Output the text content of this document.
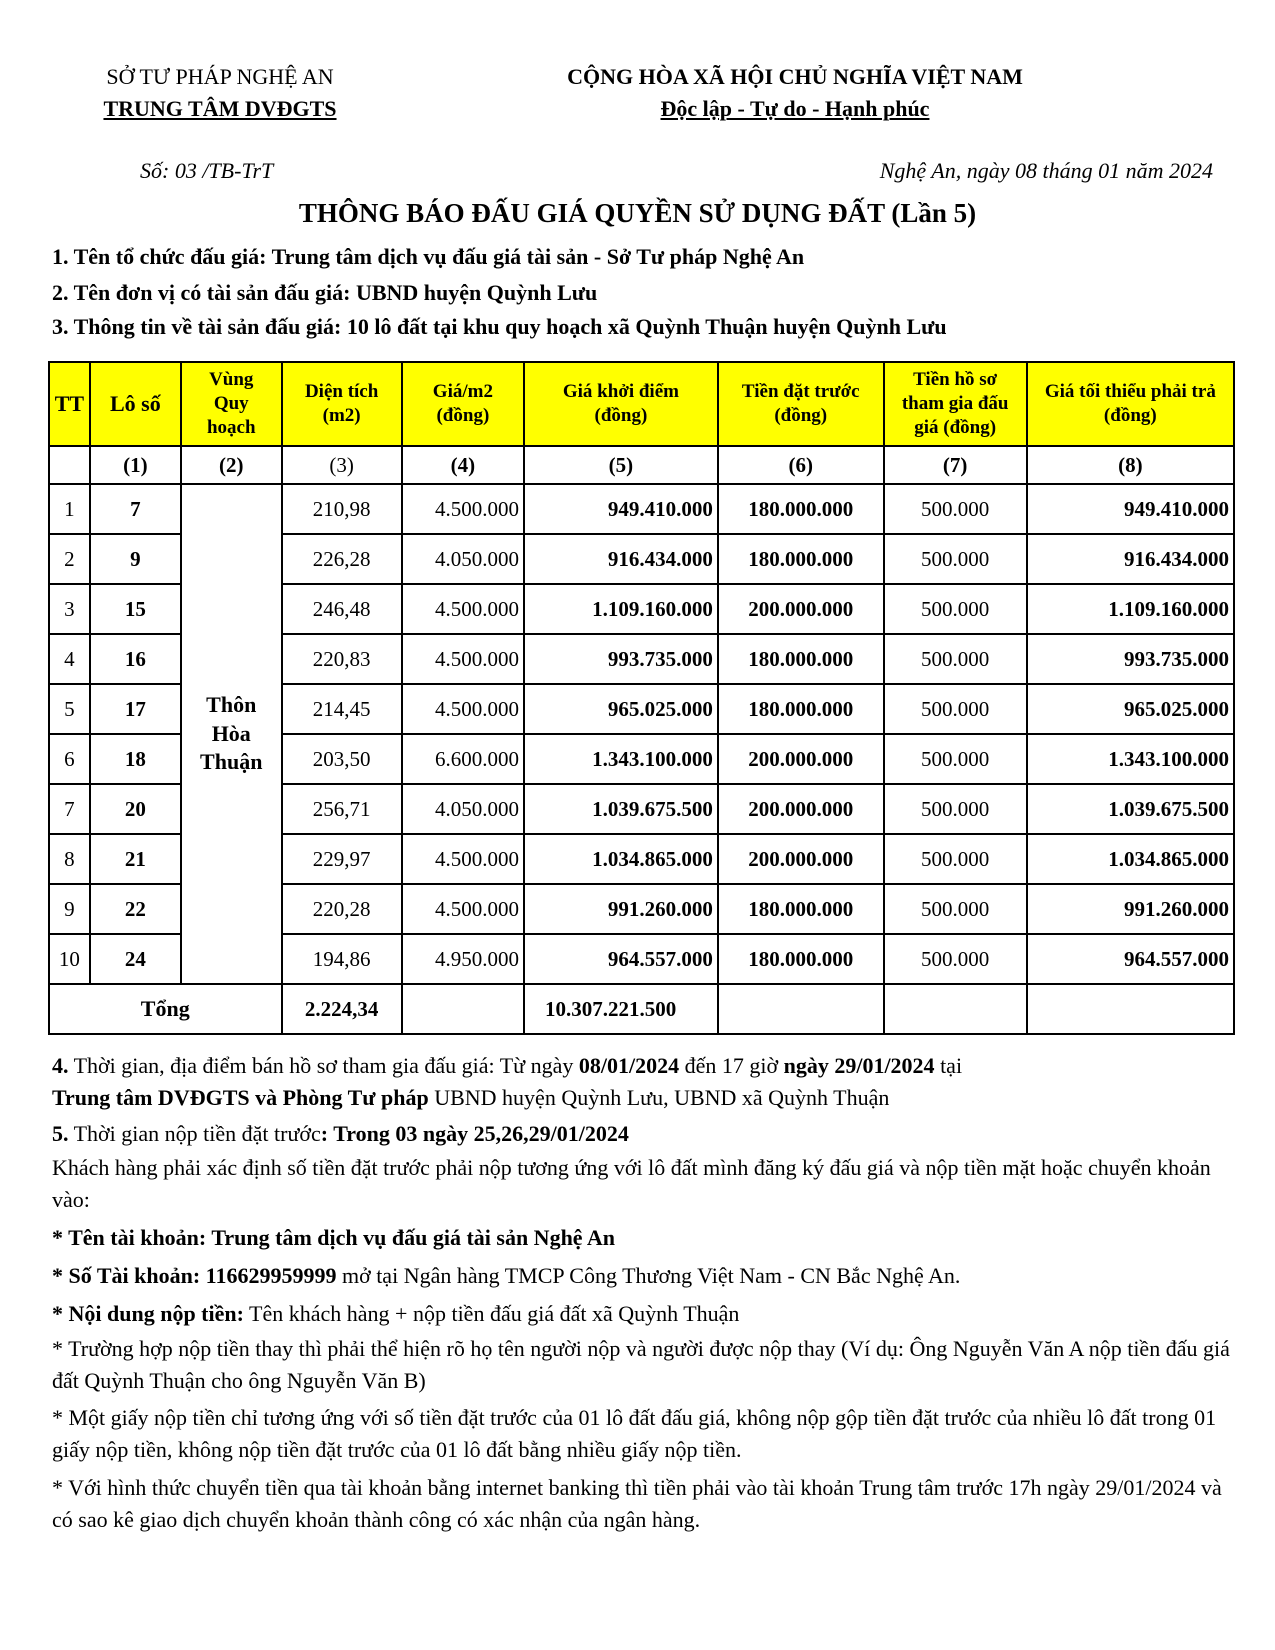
SỞ TƯ PHÁP NGHỆ AN
TRUNG TÂM DVĐGTS
CỘNG HÒA XÃ HỘI CHỦ NGHĨA VIỆT NAM
Độc lập - Tự do - Hạnh phúc
Số: 03 /TB-TrT	Nghệ An, ngày 08 tháng 01 năm 2024
THÔNG BÁO ĐẤU GIÁ QUYỀN SỬ DỤNG ĐẤT (Lần 5)
1. Tên tổ chức đấu giá: Trung tâm dịch vụ đấu giá tài sản - Sở Tư pháp Nghệ An
2. Tên đơn vị có tài sản đấu giá: UBND huyện Quỳnh Lưu
3. Thông tin về tài sản đấu giá: 10 lô đất tại khu quy hoạch xã Quỳnh Thuận huyện Quỳnh Lưu
TT	Lô số	Vùng
Quy
hoạch	Diện tích
(m2)	Giá/m2
(đồng)	Giá khởi điểm
(đồng)	Tiền đặt trước
(đồng)	Tiền hồ sơ
tham gia đấu
giá (đồng)	Giá tối thiểu phải trả
(đồng)
	(1)	(2)	(3)	(4)	(5)	(6)	(7)	(8)
1	7	Thôn
Hòa
Thuận	210,98	4.500.000	949.410.000	180.000.000	500.000	949.410.000
2	9		226,28	4.050.000	916.434.000	180.000.000	500.000	916.434.000
3	15		246,48	4.500.000	1.109.160.000	200.000.000	500.000	1.109.160.000
4	16		220,83	4.500.000	993.735.000	180.000.000	500.000	993.735.000
5	17		214,45	4.500.000	965.025.000	180.000.000	500.000	965.025.000
6	18		203,50	6.600.000	1.343.100.000	200.000.000	500.000	1.343.100.000
7	20		256,71	4.050.000	1.039.675.500	200.000.000	500.000	1.039.675.500
8	21		229,97	4.500.000	1.034.865.000	200.000.000	500.000	1.034.865.000
9	22		220,28	4.500.000	991.260.000	180.000.000	500.000	991.260.000
10	24		194,86	4.950.000	964.557.000	180.000.000	500.000	964.557.000
Tổng			2.224,34		10.307.221.500			
4. Thời gian, địa điểm bán hồ sơ tham gia đấu giá: Từ ngày 08/01/2024 đến 17 giờ ngày 29/01/2024 tại
Trung tâm DVĐGTS và Phòng Tư pháp UBND huyện Quỳnh Lưu, UBND xã Quỳnh Thuận
5. Thời gian nộp tiền đặt trước: Trong 03 ngày 25,26,29/01/2024
Khách hàng phải xác định số tiền đặt trước phải nộp tương ứng với lô đất mình đăng ký đấu giá và nộp tiền mặt hoặc chuyển khoản vào:
* Tên tài khoản: Trung tâm dịch vụ đấu giá tài sản Nghệ An
* Số Tài khoản: 116629959999 mở tại Ngân hàng TMCP Công Thương Việt Nam - CN Bắc Nghệ An.
* Nội dung nộp tiền: Tên khách hàng + nộp tiền đấu giá đất xã Quỳnh Thuận
* Trường hợp nộp tiền thay thì phải thể hiện rõ họ tên người nộp và người được nộp thay (Ví dụ: Ông Nguyễn Văn A nộp tiền đấu giá đất Quỳnh Thuận cho ông Nguyễn Văn B)
* Một giấy nộp tiền chỉ tương ứng với số tiền đặt trước của 01 lô đất đấu giá, không nộp gộp tiền đặt trước của nhiều lô đất trong 01 giấy nộp tiền, không nộp tiền đặt trước của 01 lô đất bằng nhiều giấy nộp tiền.
* Với hình thức chuyển tiền qua tài khoản bằng internet banking thì tiền phải vào tài khoản Trung tâm trước 17h ngày 29/01/2024 và có sao kê giao dịch chuyển khoản thành công có xác nhận của ngân hàng.
